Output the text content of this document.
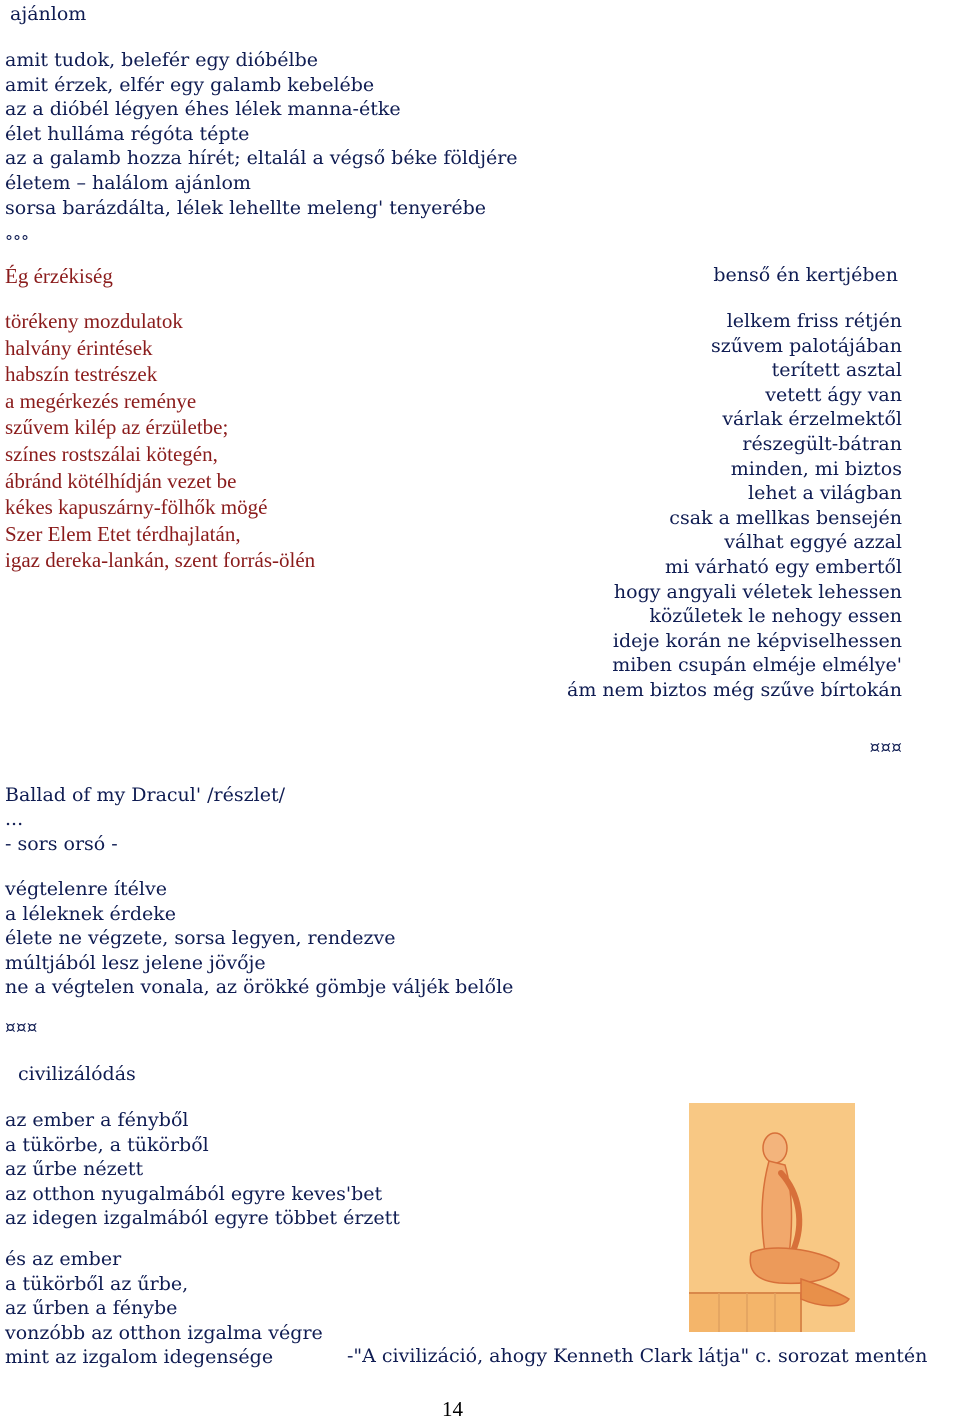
ajánlom
amit tudok, belefér egy dióbélbe
amit érzek, elfér egy galamb kebelébe
az a dióbél légyen éhes lélek manna-étke
élet hulláma régóta tépte
az a galamb hozza hírét; eltalál a végső béke földjére
életem – halálom ajánlom
sorsa barázdálta, lélek lehellte meleng' tenyerébe
°°°
Ég érzékiség
törékeny mozdulatok
halvány érintések
habszín testrészek
a megérkezés reménye
szűvem kilép az érzületbe;
színes rostszálai kötegén,
ábránd kötélhídján vezet be
kékes kapuszárny-fölhők mögé
Szer Elem Etet térdhajlatán,
igaz dereka-lankán, szent forrás-ölén
benső én kertjében
lelkem friss rétjén
szűvem palotájában
terített asztal
vetett ágy van
várlak érzelmektől
részegült-bátran
minden, mi biztos
lehet a világban
csak a mellkas bensején
válhat eggyé azzal
mi várható egy embertől
hogy angyali véletek lehessen
közűletek le nehogy essen
ideje korán ne képviselhessen
miben csupán elméje elmélye'
ám nem biztos még szűve bírtokán
¤¤¤
Ballad of my Dracul' /részlet/
...
- sors orsó -
végtelenre ítélve
a léleknek érdeke
élete ne végzete, sorsa legyen, rendezve
múltjából lesz jelene jövője
ne a végtelen vonala, az örökké gömbje váljék belőle
¤¤¤
civilizálódás
az ember a fényből
a tükörbe, a tükörből
az űrbe nézett
az otthon nyugalmából egyre keves'bet
az idegen izgalmából egyre többet érzett
és az ember
a tükörből az űrbe,
az űrben a fénybe
vonzóbb az otthon izgalma végre
mint az izgalom idegensége	-"A civilizáció, ahogy Kenneth Clark látja" c. sorozat mentén
14
